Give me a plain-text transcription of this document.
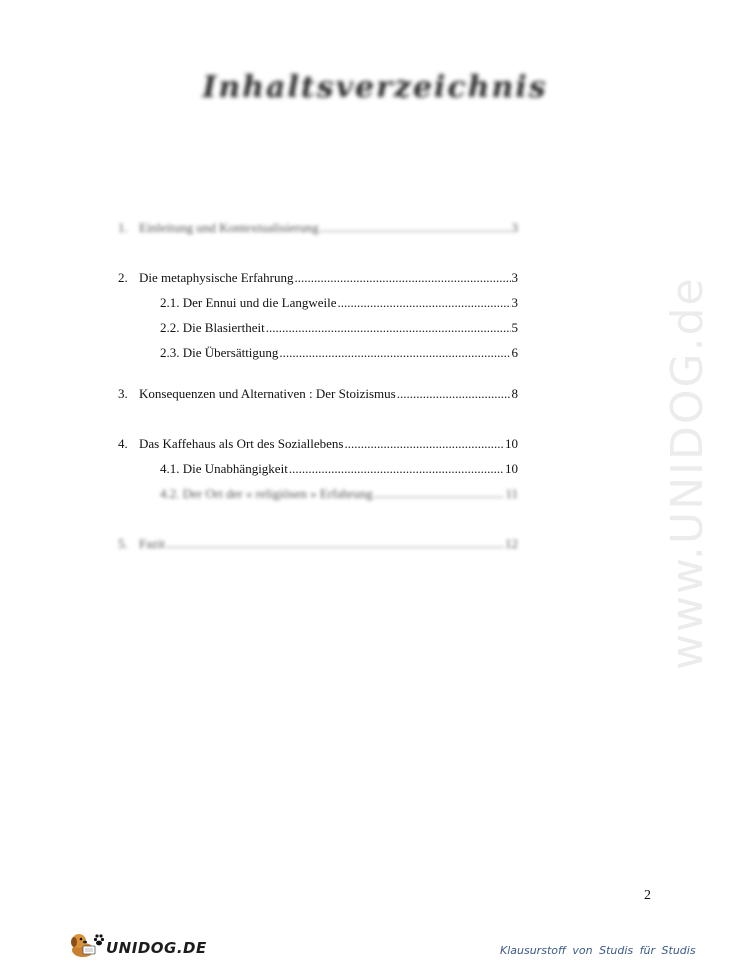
Inhaltsverzeichnis
1. Einleitung und Kontextualisierung .....	3
2. Die metaphysische Erfahrung .....	3
2.1. Der Ennui und die Langweile .....	3
2.2. Die Blasiertheit .....	5
2.3. Die Übersättigung .....	6
3. Konsequenzen und Alternativen : Der Stoizismus .....	8
4. Das Kaffehaus als Ort des Soziallebens .....	10
4.1. Die Unabhängigkeit .....	10
4.2. Der Ort der « religiösen » Erfahrung .....	11
5. Fazit .....	12	www.UNIDOG.de
2
UNIDOG.DE	Klausurstoff von Studis für Studis
